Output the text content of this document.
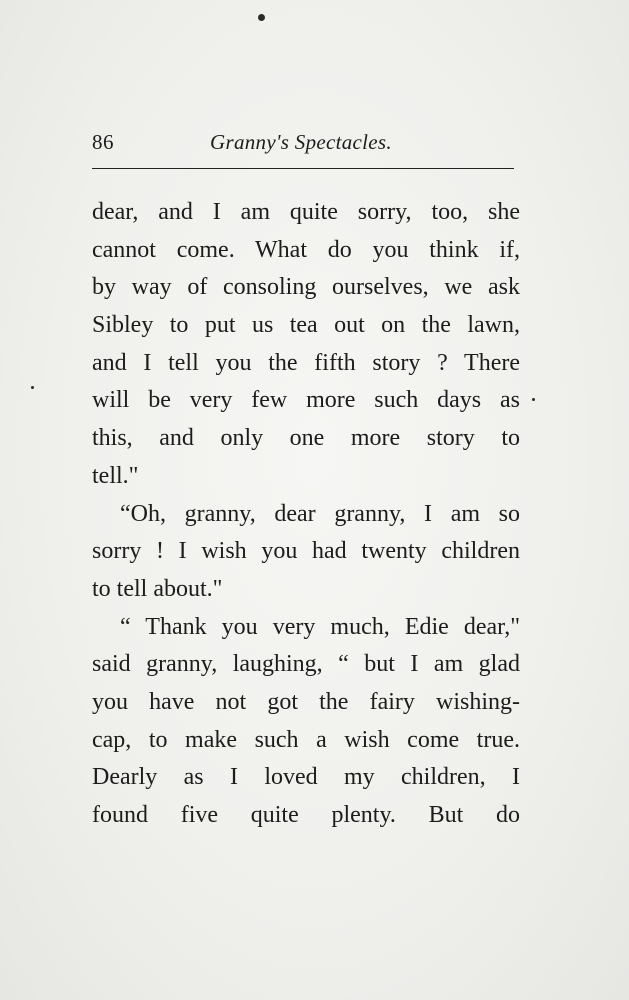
86	Granny's Spectacles.
dear, and I am quite sorry, too, she
cannot come. What do you think if,
by way of consoling ourselves, we ask
Sibley to put us tea out on the lawn,
and I tell you the fifth story ? There
will be very few more such days as
this, and only one more story to
tell."
“Oh, granny, dear granny, I am so
sorry ! I wish you had twenty children
to tell about."
“ Thank you very much, Edie dear,"
said granny, laughing, “ but I am glad
you have not got the fairy wishing-
cap, to make such a wish come true.
Dearly as I loved my children, I
found five quite plenty. But do
